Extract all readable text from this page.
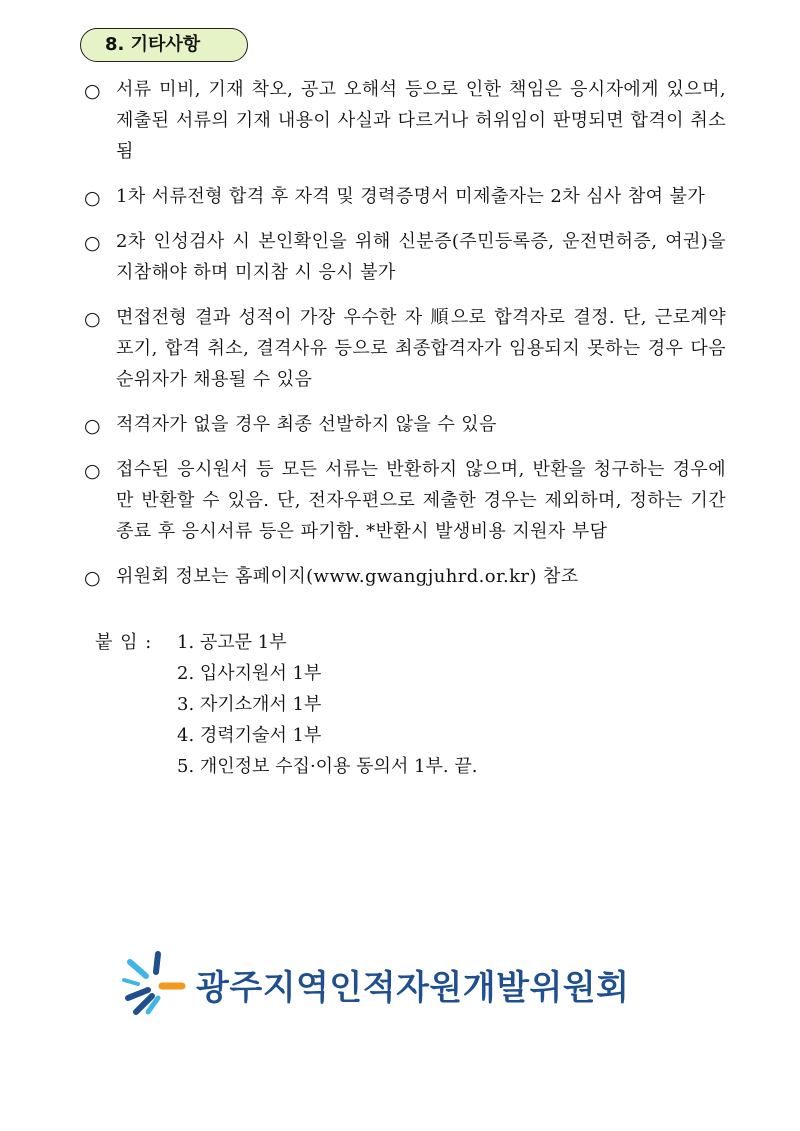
8. 기타사항
○ 서류 미비, 기재 착오, 공고 오해석 등으로 인한 책임은 응시자에게 있으며, 제출된 서류의 기재 내용이 사실과 다르거나 허위임이 판명되면 합격이 취소됨
○ 1차 서류전형 합격 후 자격 및 경력증명서 미제출자는 2차 심사 참여 불가
○ 2차 인성검사 시 본인확인을 위해 신분증(주민등록증, 운전면허증, 여권)을 지참해야 하며 미지참 시 응시 불가
○ 면접전형 결과 성적이 가장 우수한 자 順으로 합격자로 결정. 단, 근로계약 포기, 합격 취소, 결격사유 등으로 최종합격자가 임용되지 못하는 경우 다음 순위자가 채용될 수 있음
○ 적격자가 없을 경우 최종 선발하지 않을 수 있음
○ 접수된 응시원서 등 모든 서류는 반환하지 않으며, 반환을 청구하는 경우에만 반환할 수 있음. 단, 전자우편으로 제출한 경우는 제외하며, 정하는 기간 종료 후 응시서류 등은 파기함. *반환시 발생비용 지원자 부담
○ 위원회 정보는 홈페이지(www.gwangjuhrd.or.kr) 참조
붙 임 : 1. 공고문 1부
2. 입사지원서 1부
3. 자기소개서 1부
4. 경력기술서 1부
5. 개인정보 수집·이용 동의서 1부. 끝.
광주지역인적자원개발위원회
